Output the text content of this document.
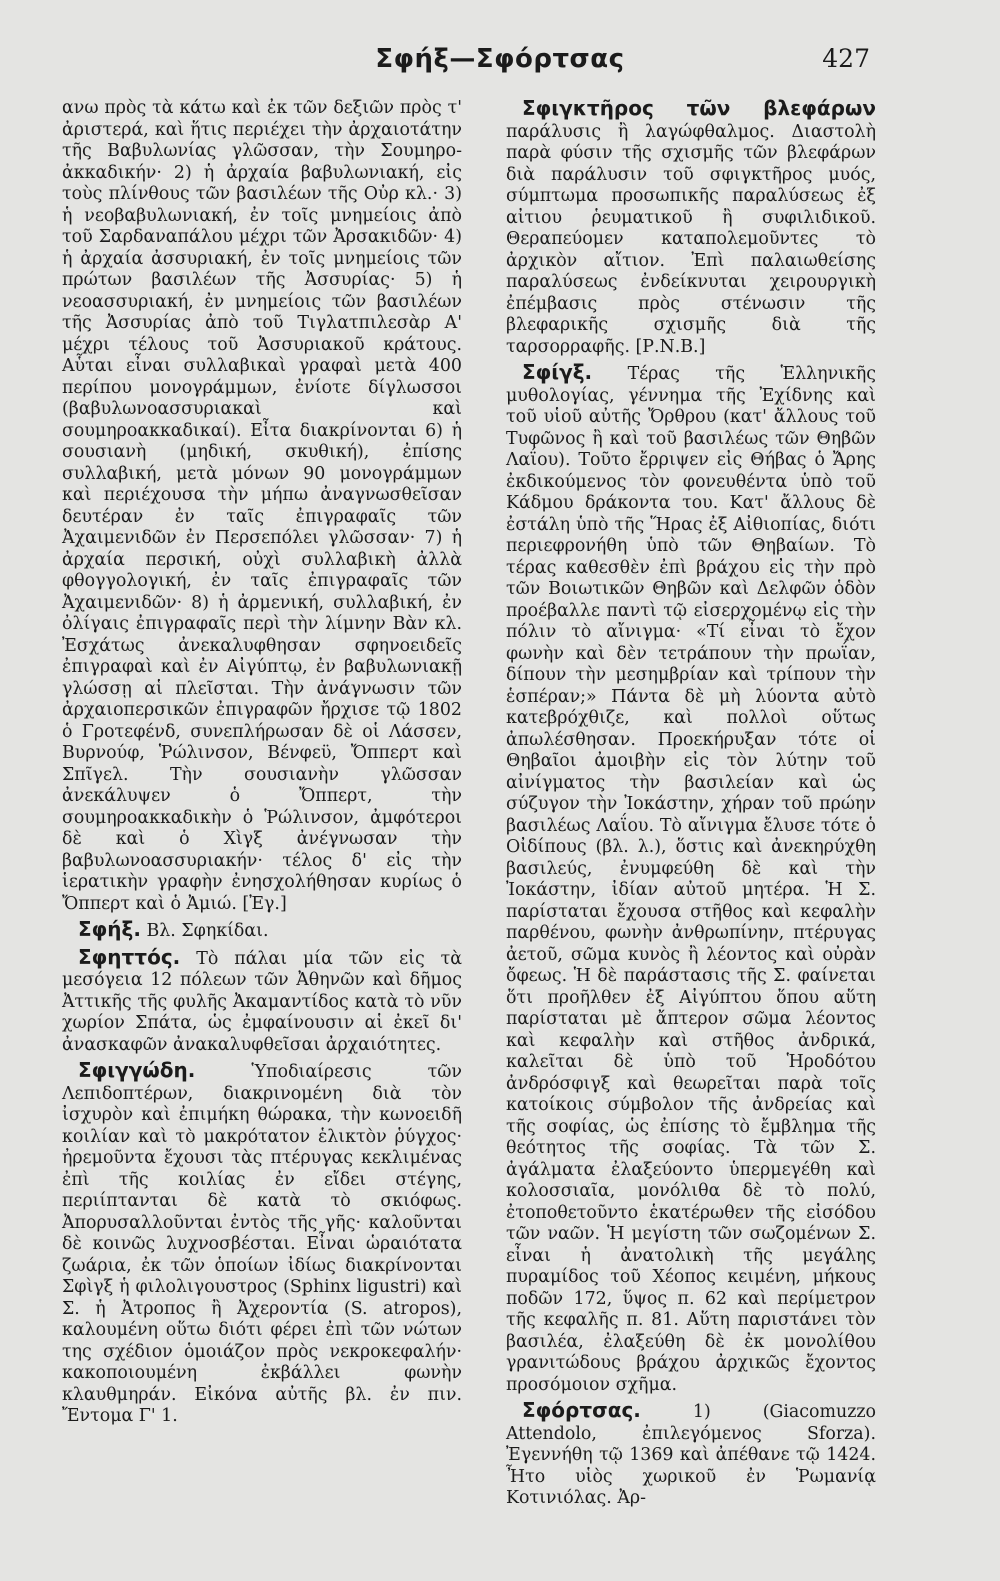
Σφήξ—Σφόρτσας	427

ανω πρὸς τὰ κάτω καὶ ἐκ τῶν δεξιῶν πρὸς τ' ἀριστερά, καὶ ἥτις περιέχει τὴν ἀρχαιοτάτην τῆς Βαβυλωνίας γλῶσσαν, τὴν Σουμηρο-ἀκκαδικήν· 2) ἡ ἀρχαία βαβυλωνιακή, εἰς τοὺς πλίνθους τῶν βασιλέων τῆς Οὐρ κλ.· 3) ἡ νεοβαβυλωνιακή, ἐν τοῖς μνημείοις ἀπὸ τοῦ Σαρδαναπάλου μέχρι τῶν Ἀρσακιδῶν· 4) ἡ ἀρχαία ἀσσυριακή, ἐν τοῖς μνημείοις τῶν πρώτων βασιλέων τῆς Ἀσσυρίας· 5) ἡ νεοασσυριακή, ἐν μνημείοις τῶν βασιλέων τῆς Ἀσσυρίας ἀπὸ τοῦ Τιγλατπιλεσὰρ Α' μέχρι τέλους τοῦ Ἀσσυριακοῦ κράτους. Αὗται εἶναι συλλαβικαὶ γραφαὶ μετὰ 400 περίπου μονογράμμων, ἐνίοτε δίγλωσσοι (βαβυλωνοασσυριακαὶ καὶ σουμηροακκαδικαί). Εἶτα διακρίνονται 6) ἡ σουσιανὴ (μηδική, σκυθική), ἐπίσης συλλαβική, μετὰ μόνων 90 μονογράμμων καὶ περιέχουσα τὴν μήπω ἀναγνωσθεῖσαν δευτέραν ἐν ταῖς ἐπιγραφαῖς τῶν Ἀχαιμενιδῶν ἐν Περσεπόλει γλῶσσαν· 7) ἡ ἀρχαία περσική, οὐχὶ συλλαβικὴ ἀλλὰ φθογγολογική, ἐν ταῖς ἐπιγραφαῖς τῶν Ἀχαιμενιδῶν· 8) ἡ ἀρμενική, συλλαβική, ἐν ὀλίγαις ἐπιγραφαῖς περὶ τὴν λίμνην Βὰν κλ. Ἐσχάτως ἀνεκαλυφθησαν σφηνοειδεῖς ἐπιγραφαὶ καὶ ἐν Αἰγύπτῳ, ἐν βαβυλωνιακῇ γλώσσῃ αἱ πλεῖσται. Τὴν ἀνάγνωσιν τῶν ἀρχαιοπερσικῶν ἐπιγραφῶν ἤρχισε τῷ 1802 ὁ Γροτεφένδ, συνεπλήρωσαν δὲ οἱ Λάσσεν, Βυρνούφ, Ῥώλινσον, Βένφεϋ, Ὄππερτ καὶ Σπῖγελ. Τὴν σουσιανὴν γλῶσσαν ἀνεκάλυψεν ὁ Ὄππερτ, τὴν σουμηροακκαδικὴν ὁ Ῥώλινσον, ἀμφότεροι δὲ καὶ ὁ Χὶγξ ἀνέγνωσαν τὴν βαβυλωνοασσυριακήν· τέλος δ' εἰς τὴν ἱερατικὴν γραφὴν ἐνησχολήθησαν κυρίως ὁ Ὄππερτ καὶ ὁ Ἀμιώ. [Ἐγ.]

Σφήξ. Βλ. Σφηκίδαι.

Σφηττός. Τὸ πάλαι μία τῶν εἰς τὰ μεσόγεια 12 πόλεων τῶν Ἀθηνῶν καὶ δῆμος Ἀττικῆς τῆς φυλῆς Ἀκαμαντίδος κατὰ τὸ νῦν χωρίον Σπάτα, ὡς ἐμφαίνουσιν αἱ ἐκεῖ δι' ἀνασκαφῶν ἀνακαλυφθεῖσαι ἀρχαιότητες.

Σφιγγώδη.	Ὑποδιαίρεσις τῶν Λεπιδοπτέρων, διακρινομένη διὰ τὸν ἰσχυρὸν καὶ ἐπιμήκη θώρακα, τὴν κωνοειδῆ κοιλίαν καὶ τὸ μακρότατον ἑλικτὸν ῥύγχος· ἠρεμοῦντα ἔχουσι τὰς πτέρυγας κεκλιμένας ἐπὶ τῆς κοιλίας ἐν εἴδει στέγης, περιίπτανται δὲ κατὰ τὸ σκιόφως. Ἀπορυσαλλοῦνται ἐντὸς τῆς γῆς· καλοῦνται δὲ κοινῶς λυχνοσβέσται. Εἶναι ὡραιότατα ζωάρια, ἐκ τῶν ὁποίων ἰδίως διακρίνονται Σφὶγξ ἡ φιλολιγουστρος (Sphinx ligustri) καὶ Σ. ἡ Ἀτροπος ἢ Ἀχεροντία (S. atropos), καλουμένη οὕτω διότι φέρει ἐπὶ τῶν νώτων της σχέδιον ὁμοιάζον πρὸς νεκροκεφαλήν· κακοποιουμένη ἐκβάλλει φωνὴν κλαυθμηράν. Εἰκόνα αὐτῆς βλ. ἐν πιν. Ἔντομα Γ' 1.

Σφιγκτῆρος τῶν βλεφάρων παράλυσις ἢ λαγώφθαλμος. Διαστολὴ παρὰ φύσιν τῆς σχισμῆς τῶν βλεφάρων διὰ παράλυσιν τοῦ σφιγκτῆρος μυός, σύμπτωμα προσωπικῆς παραλύσεως ἐξ αἰτιου ῥευματικοῦ ἢ συφιλιδικοῦ. Θεραπεύομεν καταπολεμοῦντες τὸ ἀρχικὸν αἴτιον. Ἐπὶ παλαιωθείσης παραλύσεως ἐνδείκνυται χειρουργικὴ ἐπέμβασις πρὸς στένωσιν τῆς βλεφαρικῆς σχισμῆς διὰ τῆς ταρσορραφῆς. [Ρ.Ν.Β.]

Σφίγξ. Τέρας τῆς Ἑλληνικῆς μυθολογίας, γέννημα τῆς Ἐχίδνης καὶ τοῦ υἱοῦ αὐτῆς Ὄρθρου (κατ' ἄλλους τοῦ Τυφῶνος ἢ καὶ τοῦ βασιλέως τῶν Θηβῶν Λαΐου). Τοῦτο ἔρριψεν εἰς Θήβας ὁ Ἄρης ἐκδικούμενος τὸν φονευθέντα ὑπὸ τοῦ Κάδμου δράκοντα του. Κατ' ἄλλους δὲ ἐστάλη ὑπὸ τῆς Ἥρας ἐξ Αἰθιοπίας, διότι περιεφρονήθη ὑπὸ τῶν Θηβαίων. Τὸ τέρας καθεσθὲν ἐπὶ βράχου εἰς τὴν πρὸ τῶν Βοιωτικῶν Θηβῶν καὶ Δελφῶν ὁδὸν προέβαλλε παντὶ τῷ εἰσερχομένῳ εἰς τὴν πόλιν τὸ αἴνιγμα· «Τί εἶναι τὸ ἔχον φωνὴν καὶ δὲν τετράπουν τὴν πρωΐαν, δίπουν τὴν μεσημβρίαν καὶ τρίπουν τὴν ἑσπέραν;» Πάντα δὲ μὴ λύοντα αὐτὸ κατεβρόχθιζε, καὶ πολλοὶ οὕτως ἀπωλέσθησαν. Προεκήρυξαν τότε οἱ Θηβαῖοι ἀμοιβὴν εἰς τὸν λύτην τοῦ αἰνίγματος τὴν βασιλείαν καὶ ὡς σύζυγον τὴν Ἰοκάστην, χήραν τοῦ πρώην βασιλέως Λαΐου. Τὸ αἴνιγμα ἔλυσε τότε ὁ Οἰδίπους (βλ. λ.), ὅστις καὶ ἀνεκηρύχθη βασιλεύς, ἐνυμφεύθη δὲ καὶ τὴν Ἰοκάστην, ἰδίαν αὐτοῦ μητέρα. Ἡ Σ. παρίσταται ἔχουσα στῆθος καὶ κεφαλὴν παρθένου, φωνὴν ἀνθρωπίνην, πτέρυγας ἀετοῦ, σῶμα κυνὸς ἢ λέοντος καὶ οὐρὰν ὄφεως. Ἡ δὲ παράστασις τῆς Σ. φαίνεται ὅτι προῆλθεν ἐξ Αἰγύπτου ὅπου αὕτη παρίσταται μὲ ἄπτερον σῶμα λέοντος καὶ κεφαλὴν καὶ στῆθος ἀνδρικά, καλεῖται δὲ ὑπὸ τοῦ Ἡροδότου ἀνδρόσφιγξ καὶ θεωρεῖται παρὰ τοῖς κατοίκοις σύμβολον τῆς ἀνδρείας καὶ τῆς σοφίας, ὡς ἐπίσης τὸ ἔμβλημα τῆς θεότητος τῆς σοφίας. Τὰ τῶν Σ. ἀγάλματα ἐλαξεύοντο ὑπερμεγέθη καὶ κολοσσιαῖα, μονόλιθα δὲ τὸ πολύ, ἐτοποθετοῦντο ἑκατέρωθεν τῆς εἰσόδου τῶν ναῶν. Ἡ μεγίστη τῶν σωζομένων Σ. εἶναι ἡ ἀνατολικὴ τῆς μεγάλης πυραμίδος τοῦ Χέοπος κειμένη, μήκους ποδῶν 172, ὕψος π. 62 καὶ περίμετρον τῆς κεφαλῆς π. 81. Αὕτη παριστάνει τὸν βασιλέα, ἐλαξεύθη δὲ ἐκ μονολίθου γρανιτώδους βράχου ἀρχικῶς ἔχοντος προσόμοιον σχῆμα.

Σφόρτσας.	1) (Giacomuzzo Attendolo, ἐπιλεγόμενος Sforza). Ἐγεννήθη τῷ 1369 καὶ ἀπέθανε τῷ 1424. Ἦτο υἱὸς χωρικοῦ ἐν Ῥωμανίᾳ Κοτινιόλας. Ἀρ-
